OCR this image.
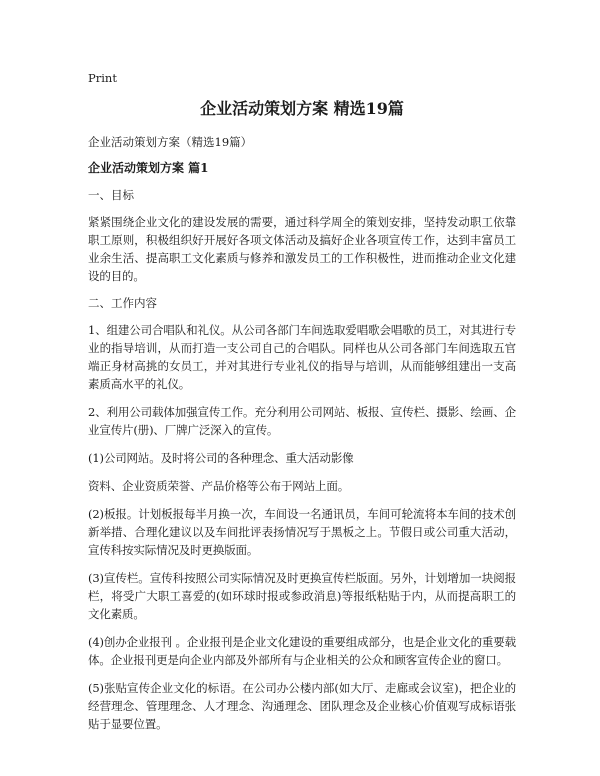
Print
企业活动策划方案 精选19篇
企业活动策划方案（精选19篇）
企业活动策划方案 篇1
一、目标
紧紧围绕企业文化的建设发展的需要，通过科学周全的策划安排，坚持发动职工依靠职工原则，积极组织好开展好各项文体活动及搞好企业各项宣传工作，达到丰富员工业余生活、提高职工文化素质与修养和激发员工的工作积极性，进而推动企业文化建设的目的。
二、工作内容
1、组建公司合唱队和礼仪。从公司各部门车间选取爱唱歌会唱歌的员工，对其进行专业的指导培训，从而打造一支公司自己的合唱队。同样也从公司各部门车间选取五官端正身材高挑的女员工，并对其进行专业礼仪的指导与培训，从而能够组建出一支高素质高水平的礼仪。
2、利用公司载体加强宣传工作。充分利用公司网站、板报、宣传栏、摄影、绘画、企业宣传片(册)、厂牌广泛深入的宣传。
(1)公司网站。及时将公司的各种理念、重大活动影像
资料、企业资质荣誉、产品价格等公布于网站上面。
(2)板报。计划板报每半月换一次，车间设一名通讯员，车间可轮流将本车间的技术创新举措、合理化建议以及车间批评表扬情况写于黑板之上。节假日或公司重大活动，宣传科按实际情况及时更换版面。
(3)宣传栏。宣传科按照公司实际情况及时更换宣传栏版面。另外，计划增加一块阅报栏，将受广大职工喜爱的(如环球时报或参政消息)等报纸粘贴于内，从而提高职工的文化素质。
(4)创办企业报刊 。企业报刊是企业文化建设的重要组成部分，也是企业文化的重要载体。企业报刊更是向企业内部及外部所有与企业相关的公众和顾客宣传企业的窗口。
(5)张贴宣传企业文化的标语。在公司办公楼内部(如大厅、走廊或会议室)，把企业的经营理念、管理理念、人才理念、沟通理念、团队理念及企业核心价值观写成标语张贴于显要位置。
